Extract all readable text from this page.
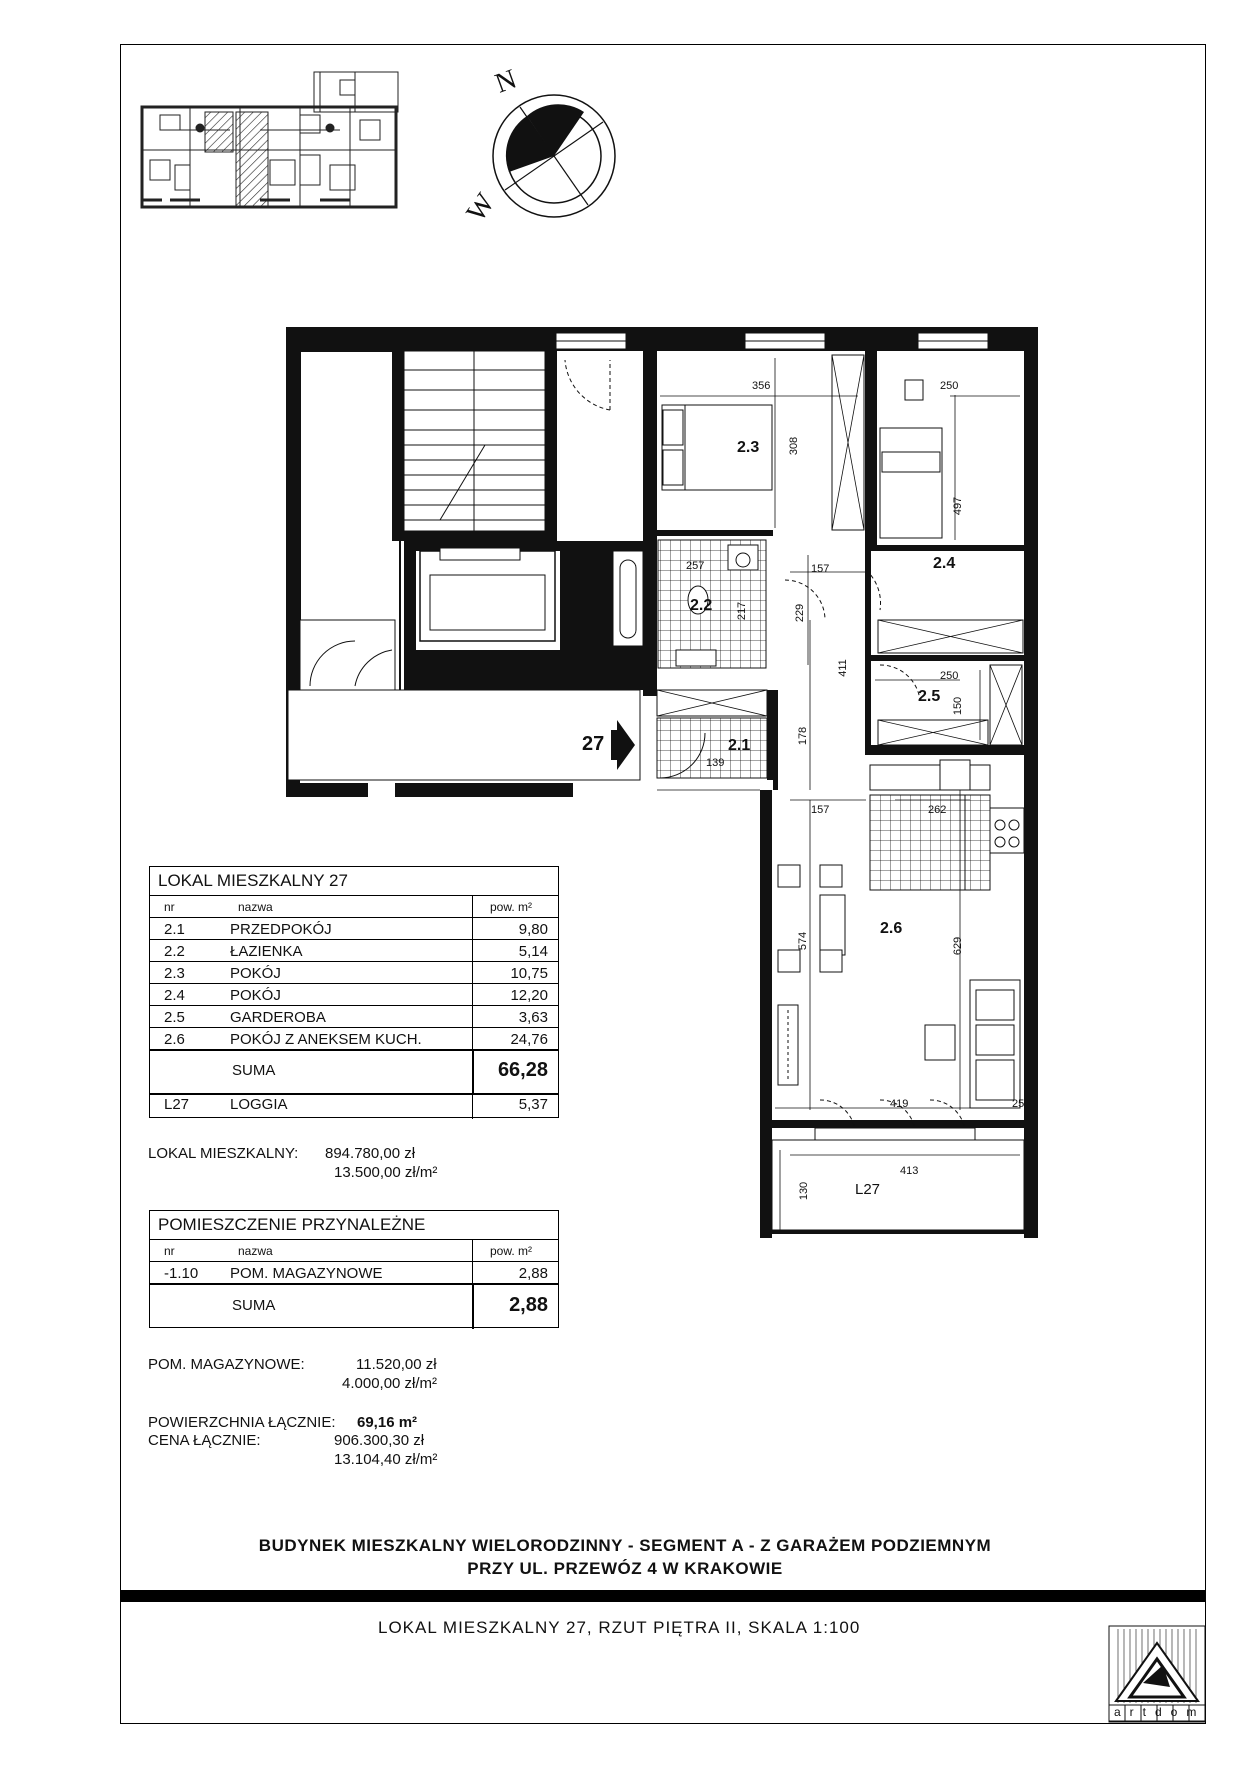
N
W
2.3
2.4
2.2
2.5
2.1
2.6
L27
27
356
308
250
497
257
217
157
229
411	250
150
178
139
157	262
574	629
419	25
413
130
LOKAL MIESZKALNY 27
nr	nazwa	pow. m²
2.1	PRZEDPOKÓJ	9,80
2.2	ŁAZIENKA	5,14
2.3	POKÓJ	10,75
2.4	POKÓJ	12,20
2.5	GARDEROBA	3,63
2.6	POKÓJ Z ANEKSEM KUCH.	24,76
SUMA	66,28
L27	LOGGIA	5,37
LOKAL MIESZKALNY: 894.780,00 zł
13.500,00 zł/m²
POMIESZCZENIE PRZYNALEŻNE
nr	nazwa	pow. m²
-1.10 POM. MAGAZYNOWE	2,88
SUMA	2,88
POM. MAGAZYNOWE:	11.520,00 zł
4.000,00 zł/m²
POWIERZCHNIA ŁĄCZNIE: 69,16 m²
CENA ŁĄCZNIE:	906.300,30 zł
13.104,40 zł/m²
BUDYNEK MIESZKALNY WIELORODZINNY - SEGMENT A - Z GARAŻEM PODZIEMNYM
PRZY UL. PRZEWÓZ 4 W KRAKOWIE
LOKAL MIESZKALNY 27, RZUT PIĘTRA II, SKALA 1:100
artdom
